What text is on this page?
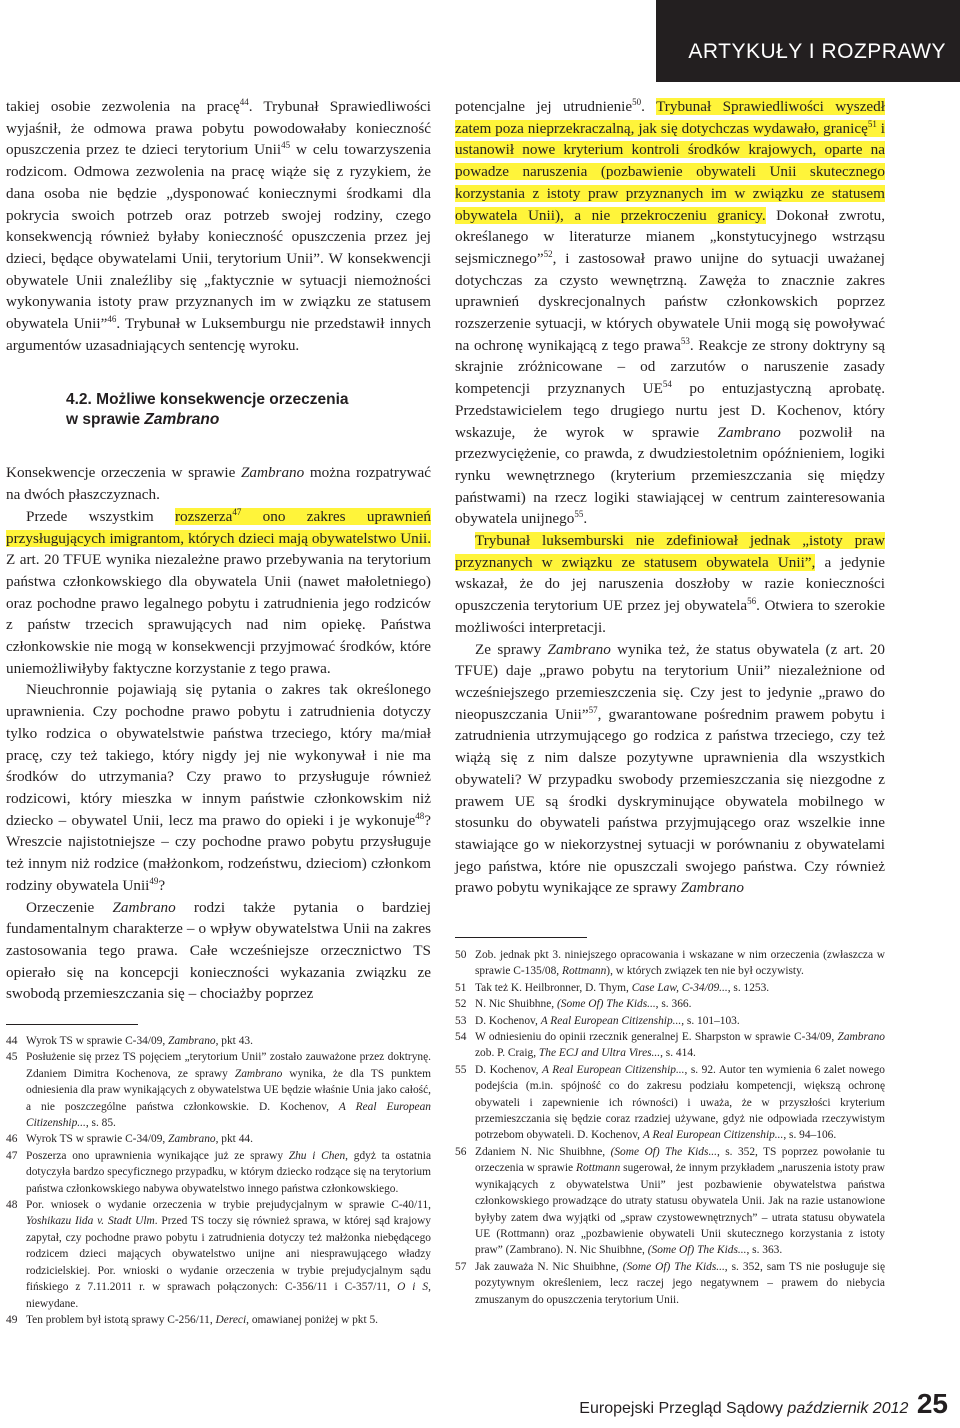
ARTYKUŁY I ROZPRAWY

takiej osobie zezwolenia na pracę$^{44}$. Trybunał Sprawiedliwości wyjaśnił, że odmowa prawa pobytu powodowałaby konieczność opuszczenia przez te dzieci terytorium Unii$^{45}$ w celu towarzyszenia rodzicom. Odmowa zezwolenia na pracę wiąże się z ryzykiem, że dana osoba nie będzie „dysponować koniecznymi środkami dla pokrycia swoich potrzeb oraz potrzeb swojej rodziny, czego konsekwencją również byłaby konieczność opuszczenia przez jej dzieci, będące obywatelami Unii, terytorium Unii”. W konsekwencji obywatele Unii znaleźliby się „faktycznie w sytuacji niemożności wykonywania istoty praw przyznanych im w związku ze statusem obywatela Unii”$^{46}$. Trybunał w Luksemburgu nie przedstawił innych argumentów uzasadniających sentencję wyroku.

4.2. Możliwe konsekwencje orzeczenia
w sprawie Zambrano

Konsekwencje orzeczenia w sprawie Zambrano można rozpatrywać na dwóch płaszczyznach.

Przede wszystkim rozszerza$^{47}$ ono zakres uprawnień przysługujących imigrantom, których dzieci mają obywatelstwo Unii. Z art. 20 TFUE wynika niezależne prawo przebywania na terytorium państwa członkowskiego dla obywatela Unii (nawet małoletniego) oraz pochodne prawo legalnego pobytu i zatrudnienia jego rodziców z państw trzecich sprawujących nad nim opiekę. Państwa członkowskie nie mogą w konsekwencji przyjmować środków, które uniemożliwiłyby faktyczne korzystanie z tego prawa.

Nieuchronnie pojawiają się pytania o zakres tak określonego uprawnienia. Czy pochodne prawo pobytu i zatrudnienia dotyczy tylko rodzica o obywatelstwie państwa trzeciego, który ma/miał pracę, czy też takiego, który nigdy jej nie wykonywał i nie ma środków do utrzymania? Czy prawo to przysługuje również rodzicowi, który mieszka w innym państwie członkowskim niż dziecko – obywatel Unii, lecz ma prawo do opieki i je wykonuje$^{48}$? Wreszcie najistotniejsze – czy pochodne prawo pobytu przysługuje też innym niż rodzice (małżonkom, rodzeństwu, dzieciom) członkom rodziny obywatela Unii$^{49}$?

Orzeczenie Zambrano rodzi także pytania o bardziej fundamentalnym charakterze – o wpływ obywatelstwa Unii na zakres zastosowania tego prawa. Całe wcześniejsze orzecznictwo TS opierało się na koncepcji konieczności wykazania związku ze swobodą przemieszczania się – chociażby poprzez

potencjalne jej utrudnienie$^{50}$. Trybunał Sprawiedliwości wyszedł zatem poza nieprzekraczalną, jak się dotychczas wydawało, granicę$^{51}$ i ustanowił nowe kryterium kontroli środków krajowych, oparte na powadze naruszenia (pozbawienie obywateli Unii skutecznego korzystania z istoty praw przyznanych im w związku ze statusem obywatela Unii), a nie przekroczeniu granicy. Dokonał zwrotu, określanego w literaturze mianem „konstytucyjnego wstrząsu sejsmicznego”$^{52}$, i zastosował prawo unijne do sytuacji uważanej dotychczas za czysto wewnętrzną. Zawęża to znacznie zakres uprawnień dyskrecjonalnych państw członkowskich poprzez rozszerzenie sytuacji, w których obywatele Unii mogą się powoływać na ochronę wynikającą z tego prawa$^{53}$. Reakcje ze strony doktryny są skrajnie zróżnicowane – od zarzutów o naruszenie zasady kompetencji przyznanych UE$^{54}$ po entuzjastyczną aprobatę. Przedstawicielem tego drugiego nurtu jest D. Kochenov, który wskazuje, że wyrok w sprawie Zambrano pozwolił na przezwyciężenie, co prawda, z dwudziestoletnim opóźnieniem, logiki rynku wewnętrznego (kryterium przemieszczania się między państwami) na rzecz logiki stawiającej w centrum zainteresowania obywatela unijnego$^{55}$.

Trybunał luksemburski nie zdefiniował jednak „istoty praw przyznanych w związku ze statusem obywatela Unii”, a jedynie wskazał, że do jej naruszenia doszłoby w razie konieczności opuszczenia terytorium UE przez jej obywatela$^{56}$. Otwiera to szerokie możliwości interpretacji.

Ze sprawy Zambrano wynika też, że status obywatela (z art. 20 TFUE) daje „prawo pobytu na terytorium Unii” niezależnione od wcześniejszego przemieszczenia się. Czy jest to jedynie „prawo do nieopuszczania Unii”$^{57}$, gwarantowane pośrednim prawem pobytu i zatrudnienia utrzymującego go rodzica z państwa trzeciego, czy też wiążą się z nim dalsze pozytywne uprawnienia dla wszystkich obywateli? W przypadku swobody przemieszczania się niezgodne z prawem UE są środki dyskryminujące obywatela mobilnego w stosunku do obywateli państwa przyjmującego oraz wszelkie inne stawiające go w niekorzystnej sytuacji w porównaniu z obywatelami jego państwa, które nie opuszczali swojego państwa. Czy również prawo pobytu wynikające ze sprawy Zambrano

44 Wyrok TS w sprawie C-34/09, Zambrano, pkt 43.
45 Posłużenie się przez TS pojęciem „terytorium Unii” zostało zauważone przez doktrynę. Zdaniem Dimitra Kochenova, ze sprawy Zambrano wynika, że dla TS punktem odniesienia dla praw wynikających z obywatelstwa UE będzie właśnie Unia jako całość, a nie poszczególne państwa członkowskie. D. Kochenov, A Real European Citizenship..., s. 85.
46 Wyrok TS w sprawie C-34/09, Zambrano, pkt 44.
47 Poszerza ono uprawnienia wynikające już ze sprawy Zhu i Chen, gdyż ta ostatnia dotyczyła bardzo specyficznego przypadku, w którym dziecko rodzące się na terytorium państwa członkowskiego nabywa obywatelstwo innego państwa członkowskiego.
48 Por. wniosek o wydanie orzeczenia w trybie prejudycjalnym w sprawie C-40/11, Yoshikazu Iida v. Stadt Ulm. Przed TS toczy się również sprawa, w której sąd krajowy zapytał, czy pochodne prawo pobytu i zatrudnienia dotyczy też małżonka niebędącego rodzicem dzieci mających obywatelstwo unijne ani niesprawującego władzy rodzicielskiej. Por. wnioski o wydanie orzeczenia w trybie prejudycjalnym sądu fińskiego z 7.11.2011 r. w sprawach połączonych: C-356/11 i C-357/11, O i S, niewydane.
49 Ten problem był istotą sprawy C-256/11, Dereci, omawianej poniżej w pkt 5.
50 Zob. jednak pkt 3. niniejszego opracowania i wskazane w nim orzeczenia (zwłaszcza w sprawie C-135/08, Rottmann), w których związek ten nie był oczywisty.
51 Tak też K. Heilbronner, D. Thym, Case Law, C-34/09..., s. 1253.
52 N. Nic Shuibhne, (Some Of) The Kids..., s. 366.
53 D. Kochenov, A Real European Citizenship..., s. 101–103.
54 W odniesieniu do opinii rzecznik generalnej E. Sharpston w sprawie C-34/09, Zambrano zob. P. Craig, The ECJ and Ultra Vires..., s. 414.
55 D. Kochenov, A Real European Citizenship..., s. 92. Autor ten wymienia 6 zalet nowego podejścia (m.in. spójność co do zakresu podziału kompetencji, większą ochronę obywateli i zapewnienie ich równości) i uważa, że w przyszłości kryterium przemieszczania się będzie coraz rzadziej używane, gdyż nie odpowiada rzeczywistym potrzebom obywateli. D. Kochenov, A Real European Citizenship..., s. 94–106.
56 Zdaniem N. Nic Shuibhne, (Some Of) The Kids..., s. 352, TS poprzez powołanie tu orzeczenia w sprawie Rottmann sugerował, że innym przykładem „naruszenia istoty praw wynikających z obywatelstwa Unii” jest pozbawienie obywatelstwa państwa członkowskiego prowadzące do utraty statusu obywatela Unii. Jak na razie ustanowione byłyby zatem dwa wyjątki od „spraw czystowewnętrznych” – utrata statusu obywatela UE (Rottmann) oraz „pozbawienie obywateli Unii skutecznego korzystania z istoty praw” (Zambrano). N. Nic Shuibhne, (Some Of) The Kids..., s. 363.
57 Jak zauważa N. Nic Shuibhne, (Some Of) The Kids..., s. 352, sam TS nie posługuje się pozytywnym określeniem, lecz raczej jego negatywnem – prawem do niebycia zmuszanym do opuszczenia terytorium Unii.
Europejski Przegląd Sądowy październik 2012 25
